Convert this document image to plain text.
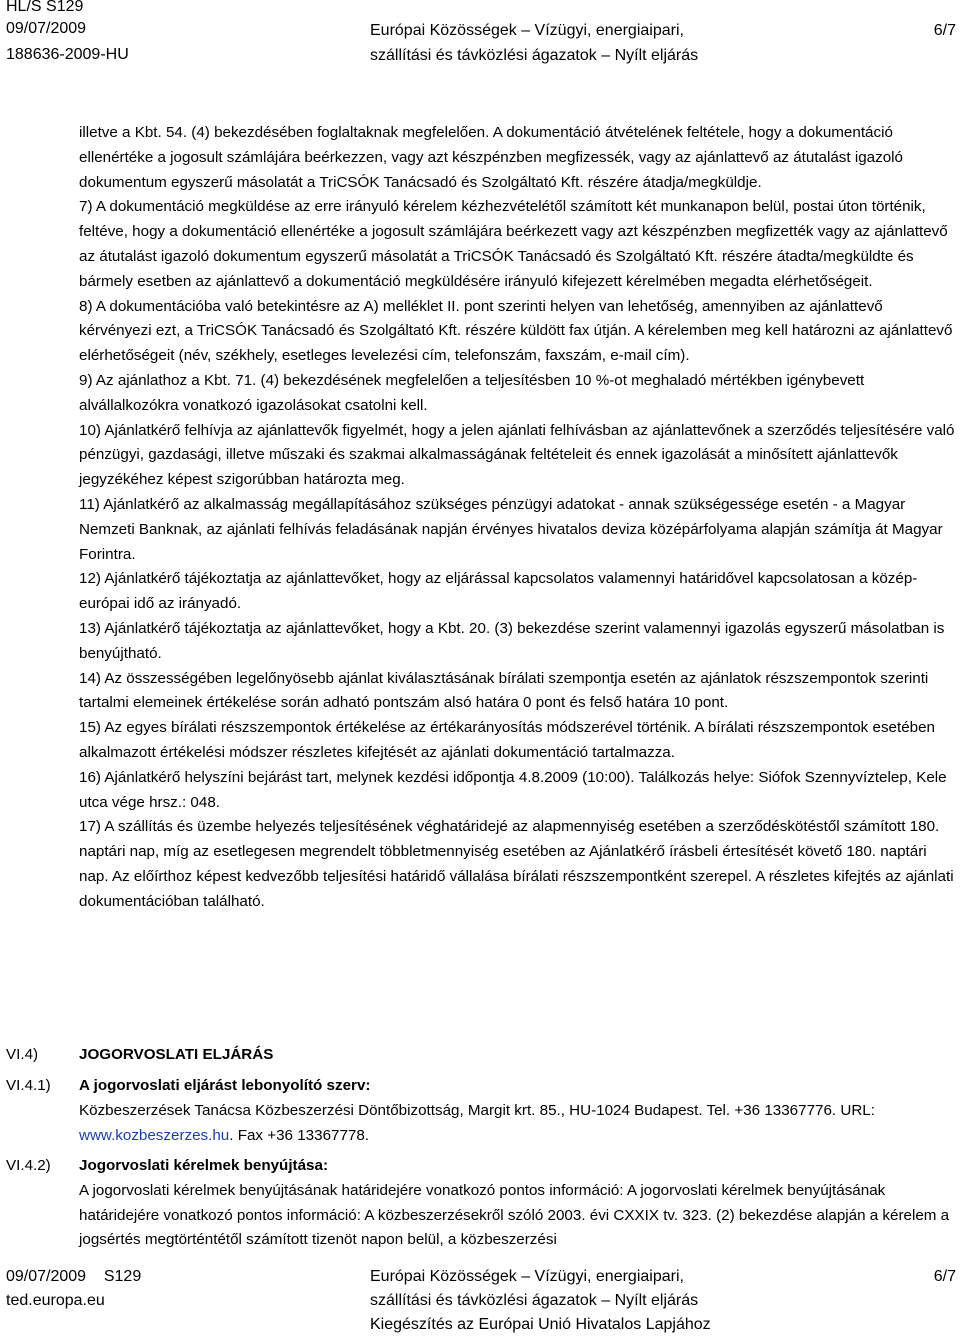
HL/S S129
09/07/2009
188636-2009-HU
Európai Közösségek – Vízügyi, energiaipari,
szállítási és távközlési ágazatok – Nyílt eljárás
6/7

illetve a Kbt. 54. (4) bekezdésében foglaltaknak megfelelően. A dokumentáció átvételének feltétele, hogy a dokumentáció ellenértéke a jogosult számlájára beérkezzen, vagy azt készpénzben megfizessék, vagy az ajánlattevő az átutalást igazoló dokumentum egyszerű másolatát a TriCSÓK Tanácsadó és Szolgáltató Kft. részére átadja/megküldje.

7) A dokumentáció megküldése az erre irányuló kérelem kézhezvételétől számított két munkanapon belül, postai úton történik, feltéve, hogy a dokumentáció ellenértéke a jogosult számlájára beérkezett vagy azt készpénzben megfizették vagy az ajánlattevő az átutalást igazoló dokumentum egyszerű másolatát a TriCSÓK Tanácsadó és Szolgáltató Kft. részére átadta/megküldte és bármely esetben az ajánlattevő a dokumentáció megküldésére irányuló kifejezett kérelmében megadta elérhetőségeit.

8) A dokumentációba való betekintésre az A) melléklet II. pont szerinti helyen van lehetőség, amennyiben az ajánlattevő kérvényezi ezt, a TriCSÓK Tanácsadó és Szolgáltató Kft. részére küldött fax útján. A kérelemben meg kell határozni az ajánlattevő elérhetőségeit (név, székhely, esetleges levelezési cím, telefonszám, faxszám, e-mail cím).

9) Az ajánlathoz a Kbt. 71. (4) bekezdésének megfelelően a teljesítésben 10 %-ot meghaladó mértékben igénybevett alvállalkozókra vonatkozó igazolásokat csatolni kell.

10) Ajánlatkérő felhívja az ajánlattevők figyelmét, hogy a jelen ajánlati felhívásban az ajánlattevőnek a szerződés teljesítésére való pénzügyi, gazdasági, illetve műszaki és szakmai alkalmasságának feltételeit és ennek igazolását a minősített ajánlattevők jegyzékéhez képest szigorúbban határozta meg.

11) Ajánlatkérő az alkalmasság megállapításához szükséges pénzügyi adatokat - annak szükségessége esetén - a Magyar Nemzeti Banknak, az ajánlati felhívás feladásának napján érvényes hivatalos deviza középárfolyama alapján számítja át Magyar Forintra.

12) Ajánlatkérő tájékoztatja az ajánlattevőket, hogy az eljárással kapcsolatos valamennyi határidővel kapcsolatosan a közép-európai idő az irányadó.

13) Ajánlatkérő tájékoztatja az ajánlattevőket, hogy a Kbt. 20. (3) bekezdése szerint valamennyi igazolás egyszerű másolatban is benyújtható.

14) Az összességében legelőnyösebb ajánlat kiválasztásának bírálati szempontja esetén az ajánlatok részszempontok szerinti tartalmi elemeinek értékelése során adható pontszám alsó határa 0 pont és felső határa 10 pont.

15) Az egyes bírálati részszempontok értékelése az értékarányosítás módszerével történik. A bírálati részszempontok esetében alkalmazott értékelési módszer részletes kifejtését az ajánlati dokumentáció tartalmazza.

16) Ajánlatkérő helyszíni bejárást tart, melynek kezdési időpontja 4.8.2009 (10:00). Találkozás helye: Siófok Szennyvíztelep, Kele utca vége hrsz.: 048.

17) A szállítás és üzembe helyezés teljesítésének véghatáridejé az alapmennyiség esetében a szerződéskötéstől számított 180. naptári nap, míg az esetlegesen megrendelt többletmennyiség esetében az Ajánlatkérő írásbeli értesítését követő 180. naptári nap. Az előírthoz képest kedvezőbb teljesítési határidő vállalása bírálati részszempontként szerepel. A részletes kifejtés az ajánlati dokumentációban található.

VI.4)	JOGORVOSLATI ELJÁRÁS
VI.4.1) A jogorvoslati eljárást lebonyolító szerv:

Közbeszerzések Tanácsa Közbeszerzési Döntőbizottság, Margit krt. 85., HU-1024 Budapest. Tel. +36 13367776. URL: www.kozbeszerzes.hu. Fax +36 13367778.

VI.4.2) Jogorvoslati kérelmek benyújtása:

A jogorvoslati kérelmek benyújtásának határidejére vonatkozó pontos információ: A jogorvoslati kérelmek benyújtásának határidejére vonatkozó pontos információ: A közbeszerzésekről szóló 2003. évi CXXIX tv. 323. (2) bekezdése alapján a kérelem a jogsértés megtörténtétől számított tizenöt napon belül, a közbeszerzési

09/07/2009    S129
ted.europa.eu
Európai Közösségek – Vízügyi, energiaipari,
szállítási és távközlési ágazatok – Nyílt eljárás
Kiegészítés az Európai Unió Hivatalos Lapjához
6/7
